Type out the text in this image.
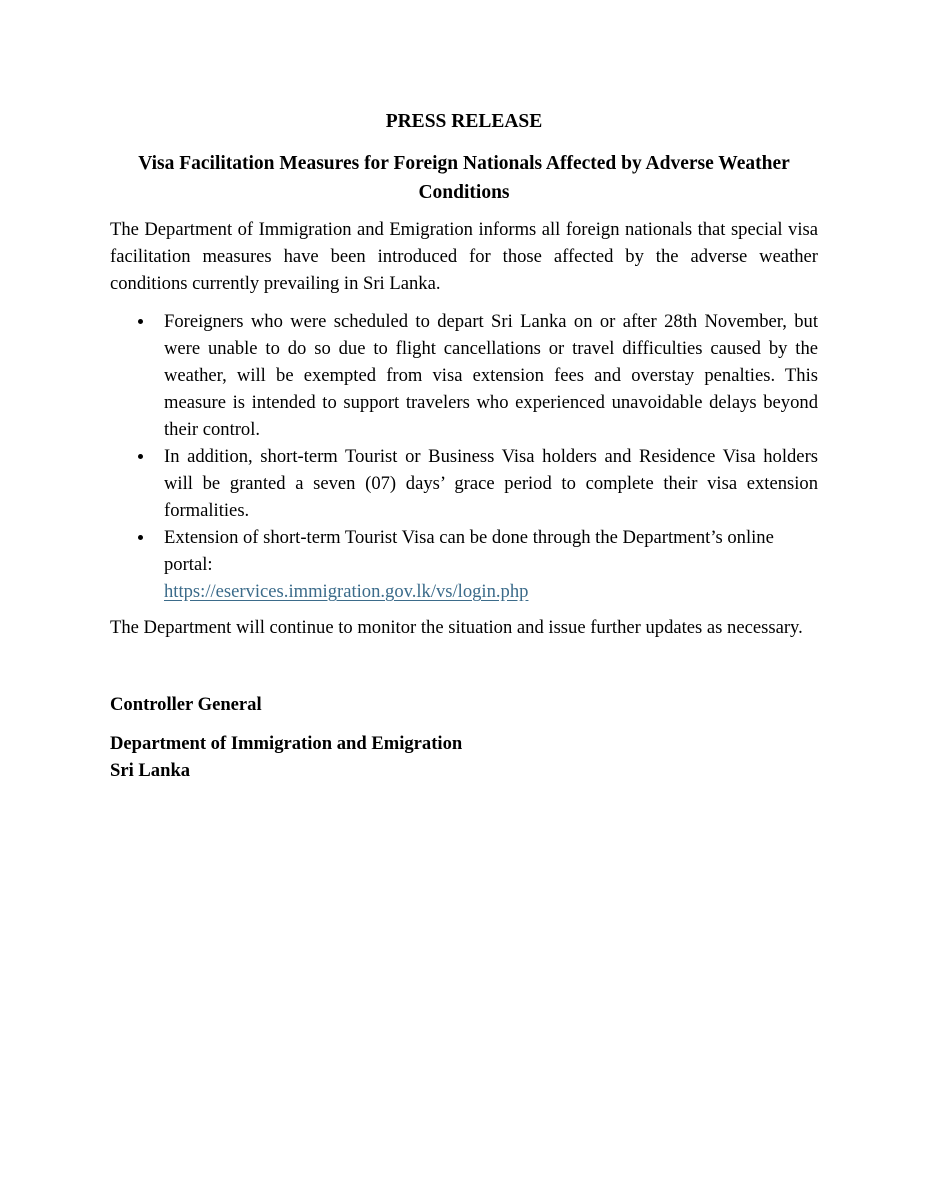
PRESS RELEASE

Visa Facilitation Measures for Foreign Nationals Affected by Adverse Weather Conditions

The Department of Immigration and Emigration informs all foreign nationals that special visa facilitation measures have been introduced for those affected by the adverse weather conditions currently prevailing in Sri Lanka.

Foreigners who were scheduled to depart Sri Lanka on or after 28th November, but were unable to do so due to flight cancellations or travel difficulties caused by the weather, will be exempted from visa extension fees and overstay penalties. This measure is intended to support travelers who experienced unavoidable delays beyond their control.
In addition, short-term Tourist or Business Visa holders and Residence Visa holders will be granted a seven (07) days’ grace period to complete their visa extension formalities.
Extension of short-term Tourist Visa can be done through the Department’s online portal:
https://eservices.immigration.gov.lk/vs/login.php

The Department will continue to monitor the situation and issue further updates as necessary.

Controller General

Department of Immigration and Emigration

Sri Lanka
